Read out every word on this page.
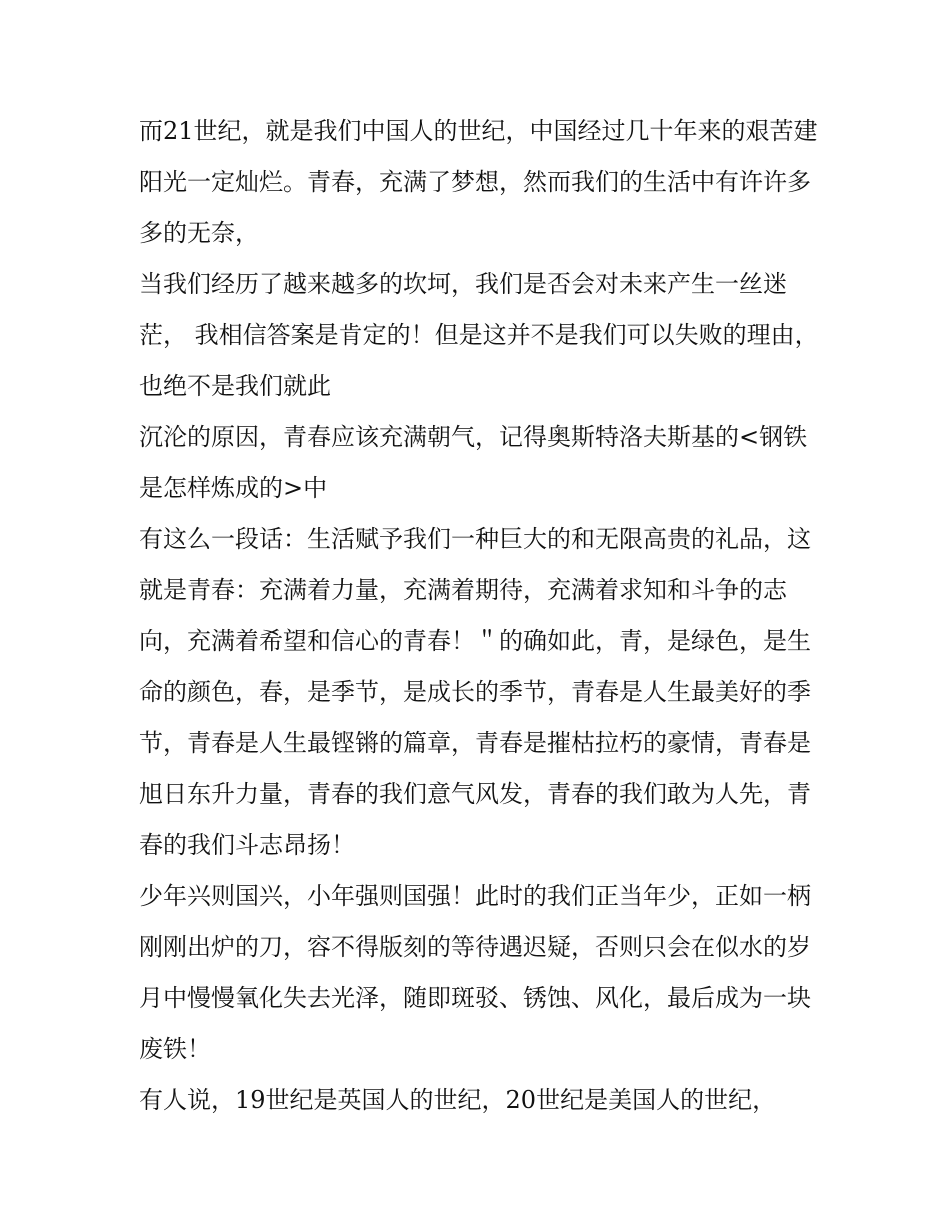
而21世纪，就是我们中国人的世纪，中国经过几十年来的艰苦建阳光一定灿烂。青春，充满了梦想，然而我们的生活中有许许多多的无奈，

当我们经历了越来越多的坎坷，我们是否会对未来产生一丝迷茫， 我相信答案是肯定的！但是这并不是我们可以失败的理由，也绝不是我们就此

沉沦的原因，青春应该充满朝气，记得奥斯特洛夫斯基的<钢铁是怎样炼成的>中

有这么一段话：生活赋予我们一种巨大的和无限高贵的礼品，这就是青春：充满着力量，充满着期待，充满着求知和斗争的志向，充满着希望和信心的青春！＂的确如此，青，是绿色，是生命的颜色，春，是季节，是成长的季节，青春是人生最美好的季节，青春是人生最铿锵的篇章，青春是摧枯拉朽的豪情，青春是旭日东升力量，青春的我们意气风发，青春的我们敢为人先，青春的我们斗志昂扬！

少年兴则国兴，小年强则国强！此时的我们正当年少，正如一柄刚刚出炉的刀，容不得版刻的等待遇迟疑，否则只会在似水的岁月中慢慢氧化失去光泽，随即斑驳、锈蚀、风化，最后成为一块废铁！

有人说，19世纪是英国人的世纪，20世纪是美国人的世纪，
